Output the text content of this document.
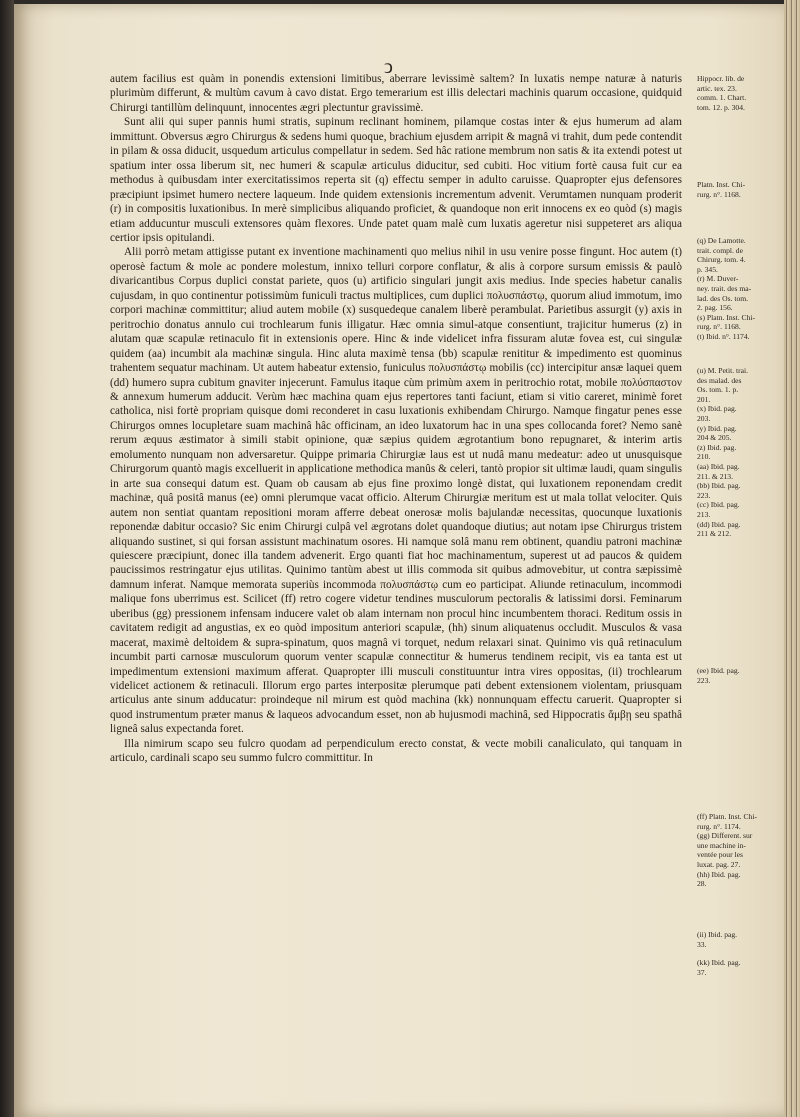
ↄ

autem facilius est quàm in ponendis extensioni limitibus, aberrare levissimè saltem? In luxatis nempe naturæ à naturis plurimùm differunt, & multùm cavum à cavo distat. Ergo temerarium est illis delectari machinis quarum occasione, quidquid Chirurgi tantillùm delinquunt, innocentes ægri plectuntur gravissimè.

Sunt alii qui super pannis humi stratis, supinum reclinant hominem, pilamque costas inter & ejus humerum ad alam immittunt. Obversus ægro Chirurgus & sedens humi quoque, brachium ejusdem arripit & magnâ vi trahit, dum pede contendit in pilam & ossa diducit, usquedum articulus compellatur in sedem. Sed hâc ratione membrum non satis & ita extendi potest ut spatium inter ossa liberum sit, nec humeri & scapulæ articulus diducitur, sed cubiti. Hoc vitium fortè causa fuit cur ea methodus à quibusdam inter exercitatissimos reperta sit (q) effectu semper in adulto caruisse. Quapropter ejus defensores præcipiunt ipsimet humero nectere laqueum. Inde quidem extensionis incrementum advenit. Verumtamen nunquam proderit (r) in compositis luxationibus. In merè simplicibus aliquando proficiet, & quandoque non erit innocens ex eo quòd (s) magis etiam adducuntur musculi extensores quàm flexores. Unde patet quam malè cum luxatis ageretur nisi suppeteret ars aliqua certior ipsis opitulandi.

Alii porrò metam attigisse putant ex inventione machinamenti quo melius nihil in usu venire posse fingunt. Hoc autem (t) operosè factum & mole ac pondere molestum, innixo telluri corpore conflatur, & alis à corpore sursum emissis & paulò divaricantibus Corpus duplici constat pariete, quos (u) artificio singulari jungit axis medius. Inde species habetur canalis cujusdam, in quo continentur potissimùm funiculi tractus multiplices, cum duplici πολυσπάστῳ, quorum aliud immotum, imo corpori machinæ committitur; aliud autem mobile (x) susquedeque canalem liberè perambulat. Parietibus assurgit (y) axis in peritrochio donatus annulo cui trochlearum funis illigatur. Hæc omnia simul-atque consentiunt, trajicitur humerus (z) in alutam quæ scapulæ retinaculo fit in extensionis opere. Hinc & inde videlicet infra fissuram alutæ fovea est, cui singulæ quidem (aa) incumbit ala machinæ singula. Hinc aluta maximè tensa (bb) scapulæ renititur & impedimento est quominus trahentem sequatur machinam. Ut autem habeatur extensio, funiculus πολυσπάστῳ mobilis (cc) intercipitur ansæ laquei quem (dd) humero supra cubitum gnaviter injecerunt. Famulus itaque cùm primùm axem in peritrochio rotat, mobile πολύσπαστον & annexum humerum adducit. Verùm hæc machina quam ejus repertores tanti faciunt, etiam si vitio careret, minimè foret catholica, nisi fortè propriam quisque domi reconderet in casu luxationis exhibendam Chirurgo. Namque fingatur penes esse Chirurgos omnes locupletare suam machinâ hâc officinam, an ideo luxatorum hac in una spes collocanda foret? Nemo sanè rerum æquus æstimator à simili stabit opinione, quæ sæpius quidem ægrotantium bono repugnaret, & interim artis emolumento nunquam non adversaretur. Quippe primaria Chirurgiæ laus est ut nudâ manu medeatur: adeo ut unusquisque Chirurgorum quantò magis excelluerit in applicatione methodica manûs & celeri, tantò propior sit ultimæ laudi, quam singulis in arte sua consequi datum est. Quam ob causam ab ejus fine proximo longè distat, qui luxationem reponendam credit machinæ, quâ positâ manus (ee) omni plerumque vacat officio. Alterum Chirurgiæ meritum est ut mala tollat velociter. Quis autem non sentiat quantam repositioni moram afferre debeat onerosæ molis bajulandæ necessitas, quocunque luxationis reponendæ dabitur occasio? Sic enim Chirurgi culpâ vel ægrotans dolet quandoque diutius; aut notam ipse Chirurgus tristem aliquando sustinet, si qui forsan assistunt machinatum osores. Hi namque solâ manu rem obtinent, quandiu patroni machinæ quiescere præcipiunt, donec illa tandem advenerit. Ergo quanti fiat hoc machinamentum, superest ut ad paucos & quidem paucissimos restringatur ejus utilitas. Quinimo tantùm abest ut illis commoda sit quibus admovebitur, ut contra sæpissimè damnum inferat. Namque memorata superiùs incommoda πολυσπάστῳ cum eo participat. Aliunde retinaculum, incommodi malique fons uberrimus est. Scilicet (ff) retro cogere videtur tendines musculorum pectoralis & latissimi dorsi. Feminarum uberibus (gg) pressionem infensam inducere valet ob alam internam non procul hinc incumbentem thoraci. Reditum ossis in cavitatem redigit ad angustias, ex eo quòd impositum anteriori scapulæ, (hh) sinum aliquatenus occludit. Musculos & vasa macerat, maximè deltoidem & supra-spinatum, quos magnâ vi torquet, nedum relaxari sinat. Quinimo vis quâ retinaculum incumbit parti carnosæ musculorum quorum venter scapulæ connectitur & humerus tendinem recipit, vis ea tanta est ut impedimentum extensioni maximum afferat. Quapropter illi musculi constituuntur intra vires oppositas, (ii) trochlearum videlicet actionem & retinaculi. Illorum ergo partes interpositæ plerumque pati debent extensionem violentam, priusquam articulus ante sinum adducatur: proindeque nil mirum est quòd machina (kk) nonnunquam effectu caruerit. Quapropter si quod instrumentum præter manus & laqueos advocandum esset, non ab hujusmodi machinâ, sed Hippocratis ἄμβῃ seu spathâ ligneâ salus expectanda foret.

Illa nimirum scapo seu fulcro quodam ad perpendiculum erecto constat, & vecte mobili canaliculato, qui tanquam in articulo, cardinali scapo seu summo fulcro committitur. In

Hippocr. lib. de
artic. tex. 23.
comm. 1. Chart.
tom. 12. p. 304.
Platn. Inst. Chi-
rurg. n°. 1168.
(q) De Lamotte.
trait. compl. de
Chirurg. tom. 4.
p. 345.
(r) M. Duver-
ney. trait. des ma-
lad. des Os. tom.
2. pag. 156.
(s) Platn. Inst. Chi-
rurg. n°. 1168.
(t) Ibid. n°. 1174.
(u) M. Petit. trai.
des malad. des
Os. tom. 1. p.
201.
(x) Ibid. pag.
203.
(y) Ibid. pag.
204 & 205.
(z) Ibid. pag.
210.
(aa) Ibid. pag.
211. & 213.
(bb) Ibid. pag.
223.
(cc) Ibid. pag.
213.
(dd) Ibid. pag.
211 & 212.
(ee) Ibid. pag.
223.
(ff) Platn. Inst. Chi-
rurg. n°. 1174.
(gg) Different. sur
une machine in-
ventée pour les
luxat. pag. 27.
(hh) Ibid. pag.
28.
(ii) Ibid. pag.
33.
(kk) Ibid. pag.
37.
